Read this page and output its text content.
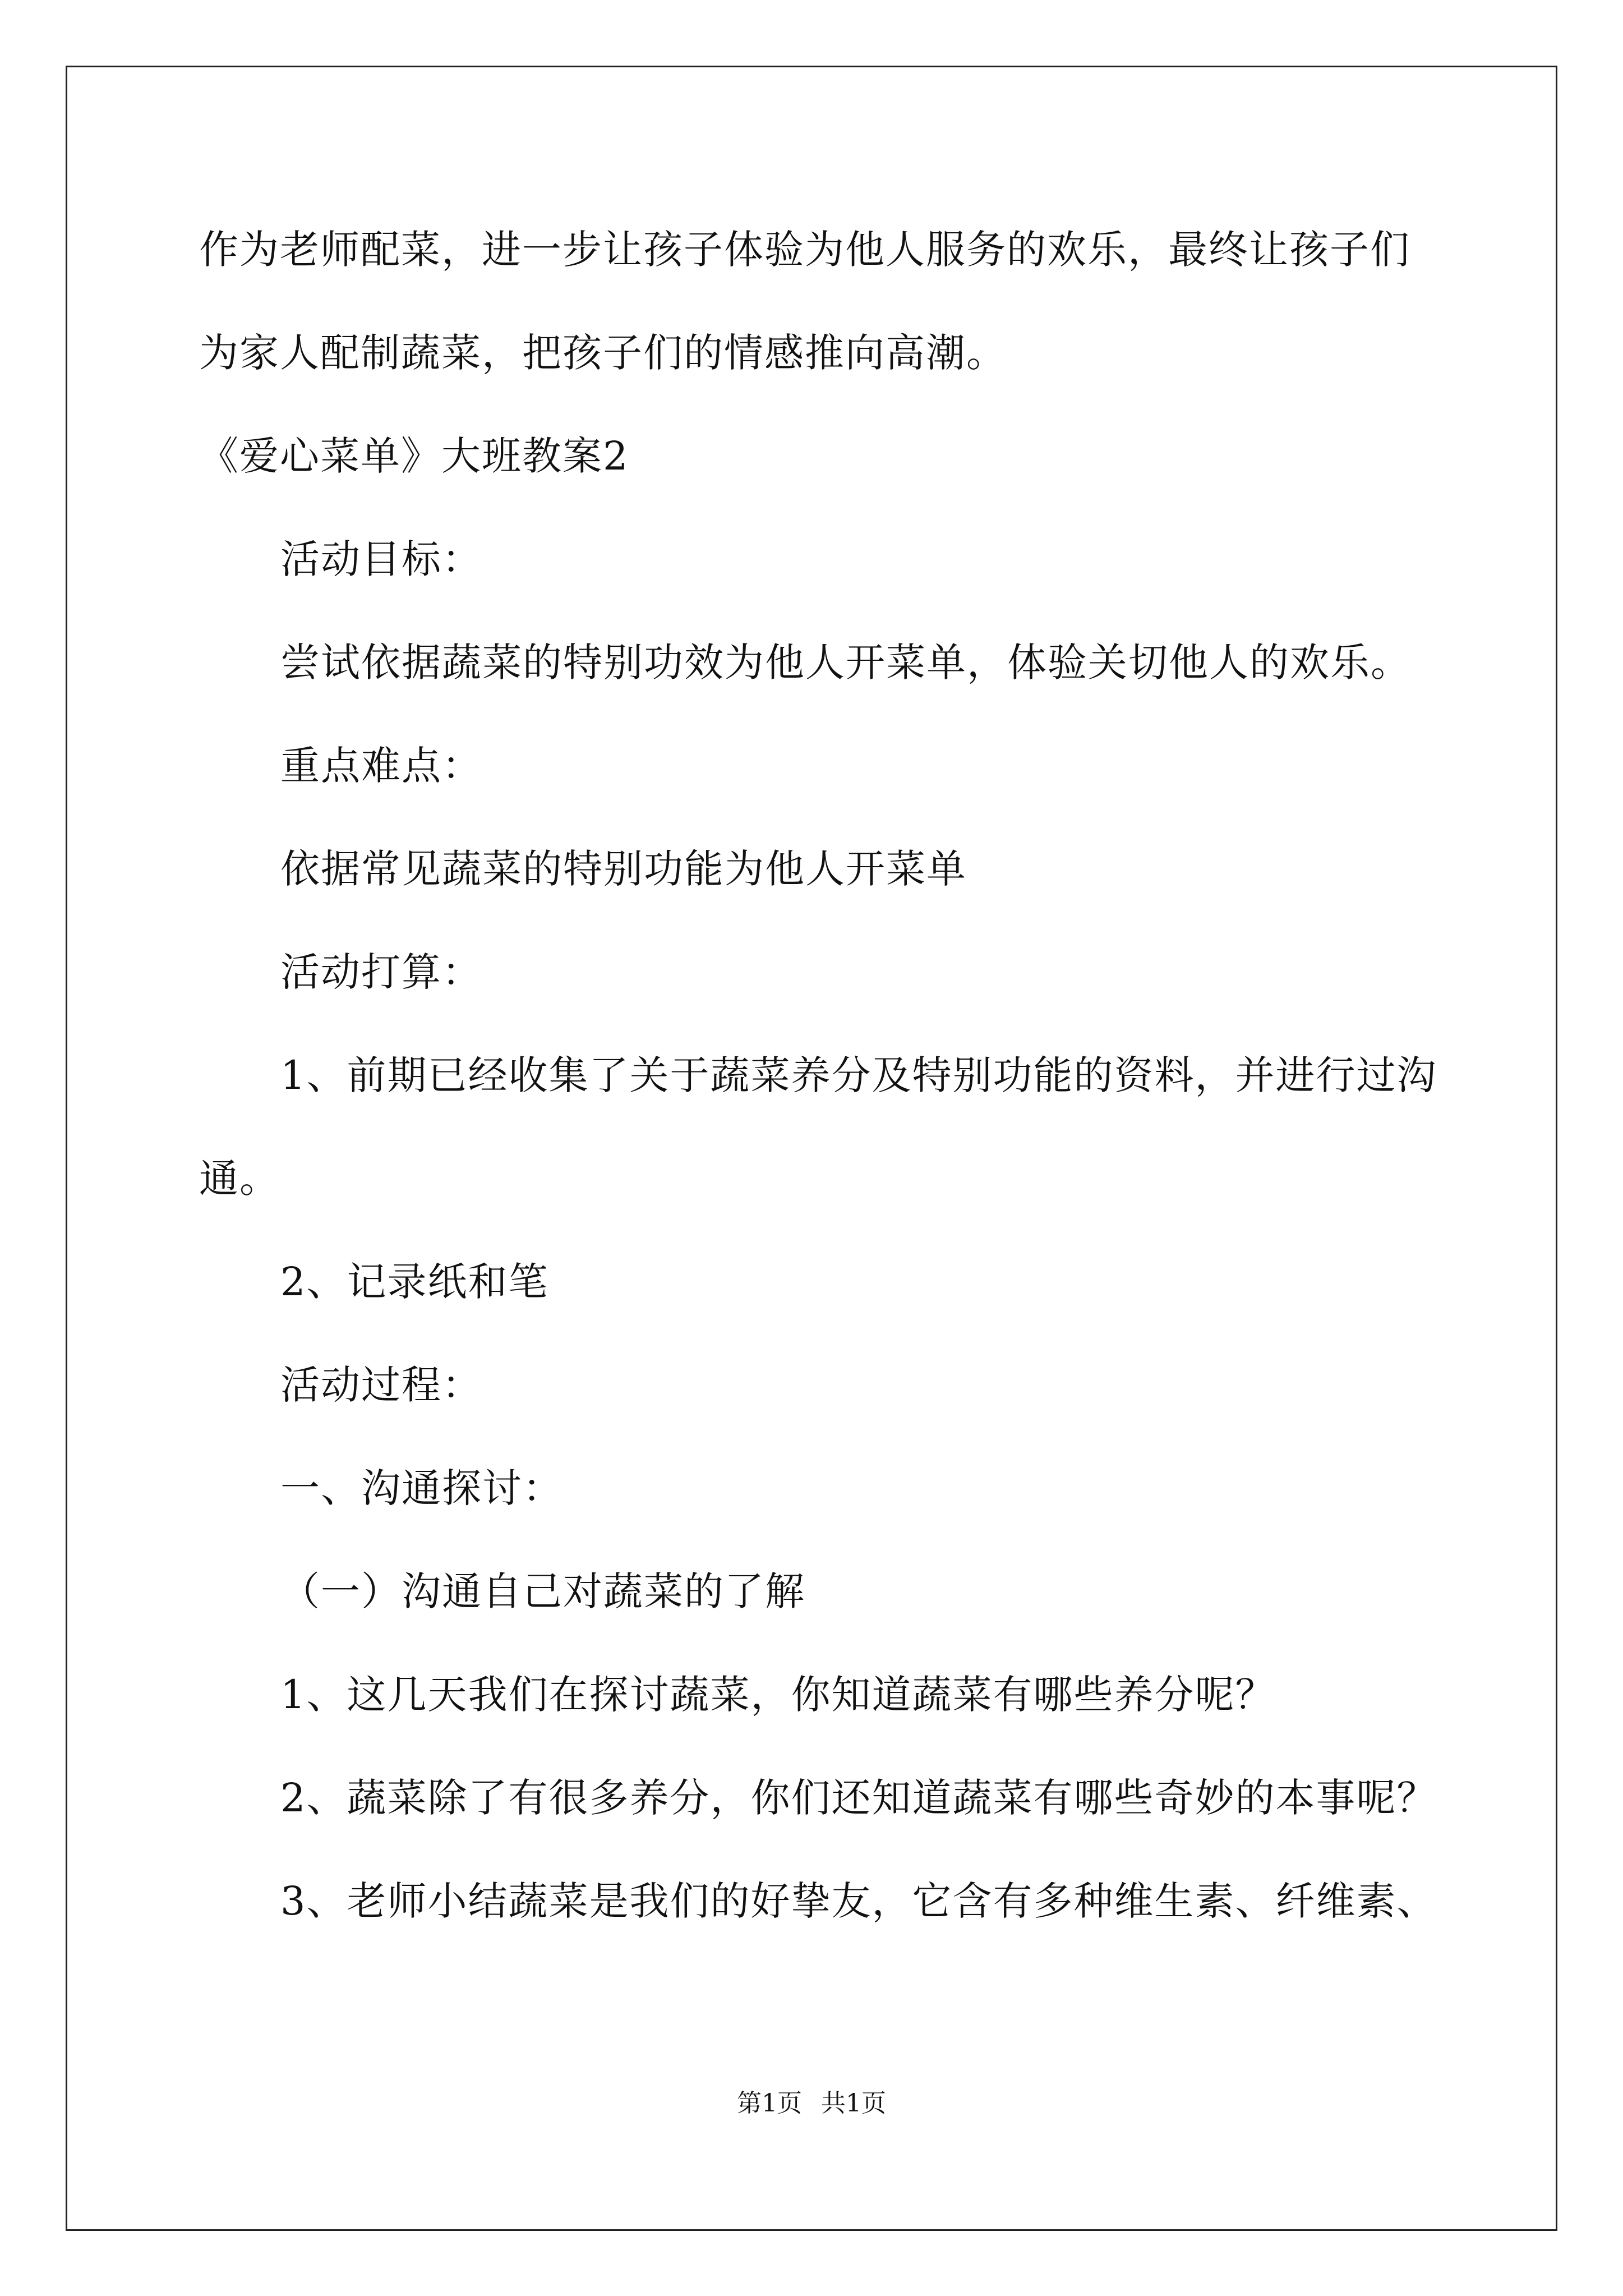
作为老师配菜，进一步让孩子体验为他人服务的欢乐，最终让孩子们
为家人配制蔬菜，把孩子们的情感推向高潮。
《爱心菜单》大班教案2
活动目标：
尝试依据蔬菜的特别功效为他人开菜单，体验关切他人的欢乐。
重点难点：
依据常见蔬菜的特别功能为他人开菜单
活动打算：
1、前期已经收集了关于蔬菜养分及特别功能的资料，并进行过沟
通。
2、记录纸和笔
活动过程：
一、沟通探讨：
（一）沟通自己对蔬菜的了解
1、这几天我们在探讨蔬菜，你知道蔬菜有哪些养分呢？
2、蔬菜除了有很多养分，你们还知道蔬菜有哪些奇妙的本事呢？
3、老师小结蔬菜是我们的好挚友，它含有多种维生素、纤维素、
第1页 共1页
